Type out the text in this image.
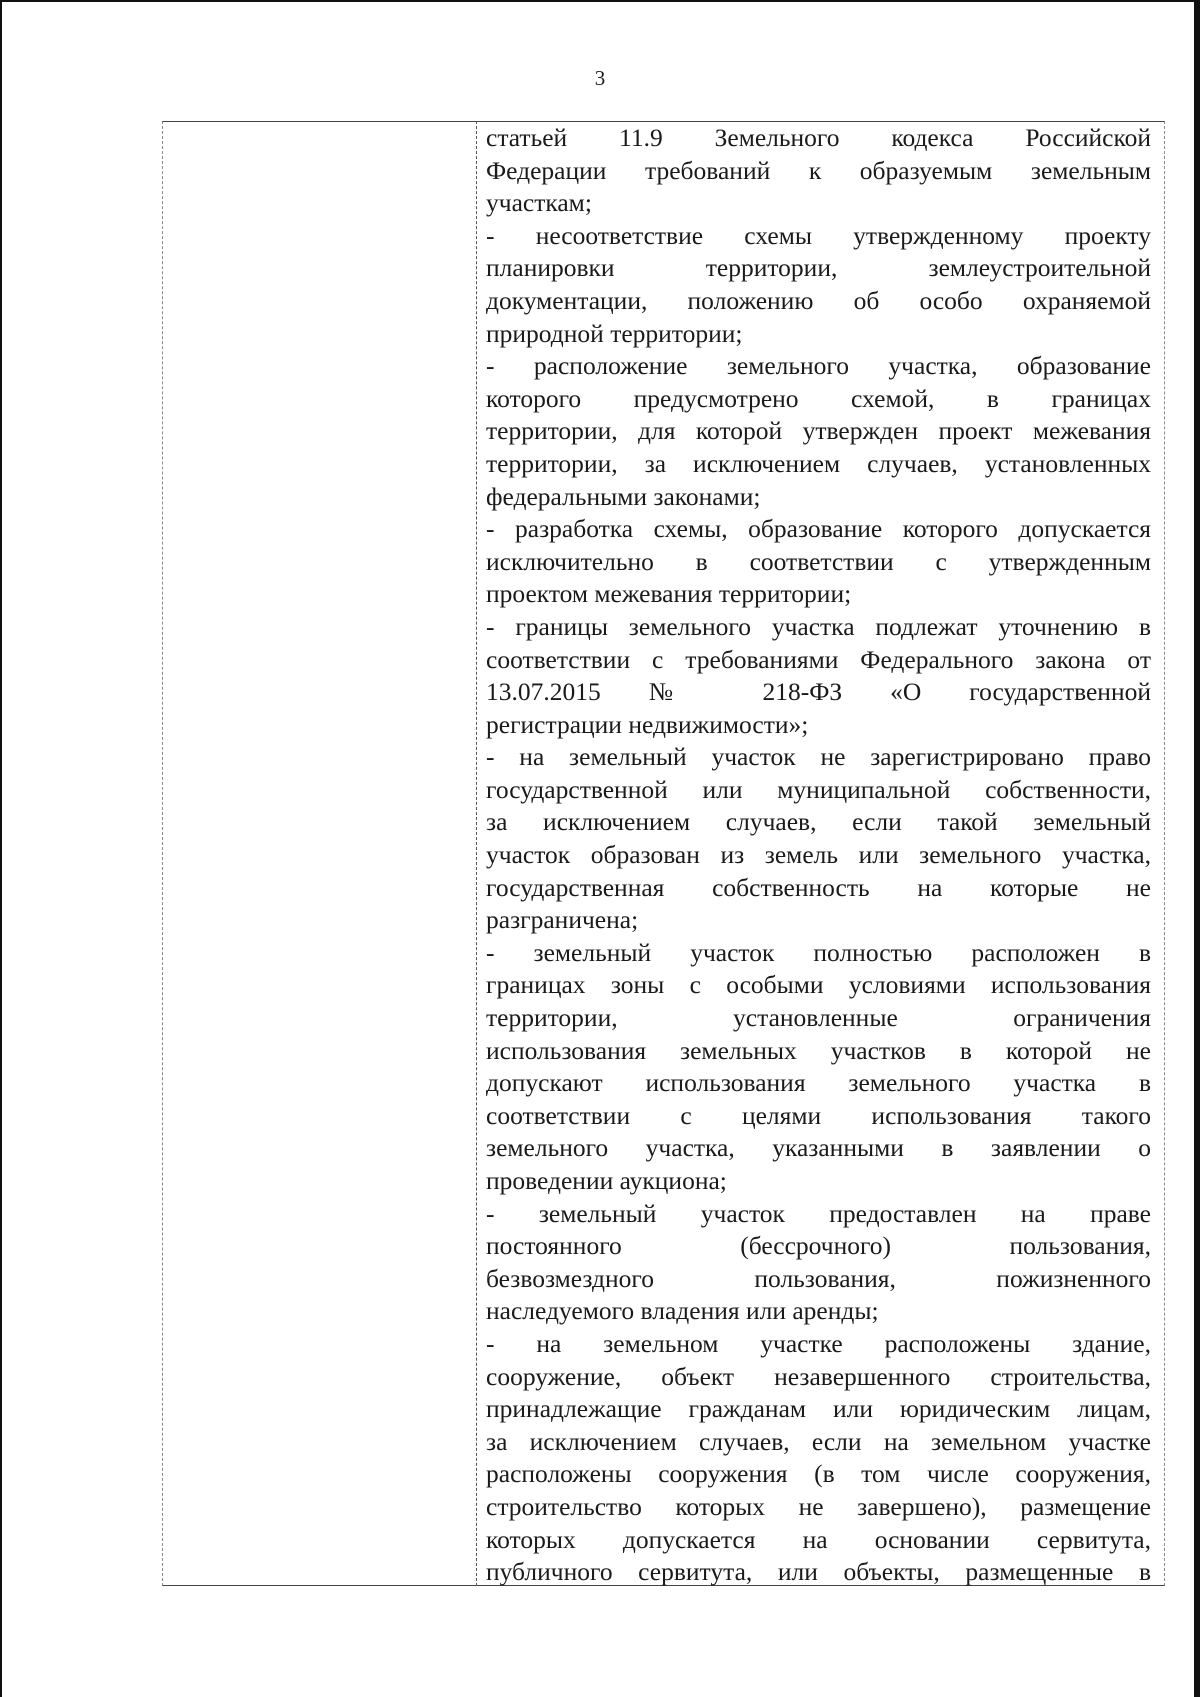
3
статьей 11.9 Земельного кодекса Российской
Федерации требований к образуемым земельным
участкам;
- несоответствие схемы утвержденному проекту
планировки территории, землеустроительной
документации, положению об особо охраняемой
природной территории;
- расположение земельного участка, образование
которого предусмотрено схемой, в границах
территории, для которой утвержден проект межевания
территории, за исключением случаев, установленных
федеральными законами;
- разработка схемы, образование которого допускается
исключительно в соответствии с утвержденным
проектом межевания территории;
- границы земельного участка подлежат уточнению в
соответствии с требованиями Федерального закона от
13.07.2015 № 218-ФЗ «О государственной
регистрации недвижимости»;
- на земельный участок не зарегистрировано право
государственной или муниципальной собственности,
за исключением случаев, если такой земельный
участок образован из земель или земельного участка,
государственная собственность на которые не
разграничена;
- земельный участок полностью расположен в
границах зоны с особыми условиями использования
территории, установленные ограничения
использования земельных участков в которой не
допускают использования земельного участка в
соответствии с целями использования такого
земельного участка, указанными в заявлении о
проведении аукциона;
- земельный участок предоставлен на праве
постоянного (бессрочного) пользования,
безвозмездного пользования, пожизненного
наследуемого владения или аренды;
- на земельном участке расположены здание,
сооружение, объект незавершенного строительства,
принадлежащие гражданам или юридическим лицам,
за исключением случаев, если на земельном участке
расположены сооружения (в том числе сооружения,
строительство которых не завершено), размещение
которых допускается на основании сервитута,
публичного сервитута, или объекты, размещенные в
